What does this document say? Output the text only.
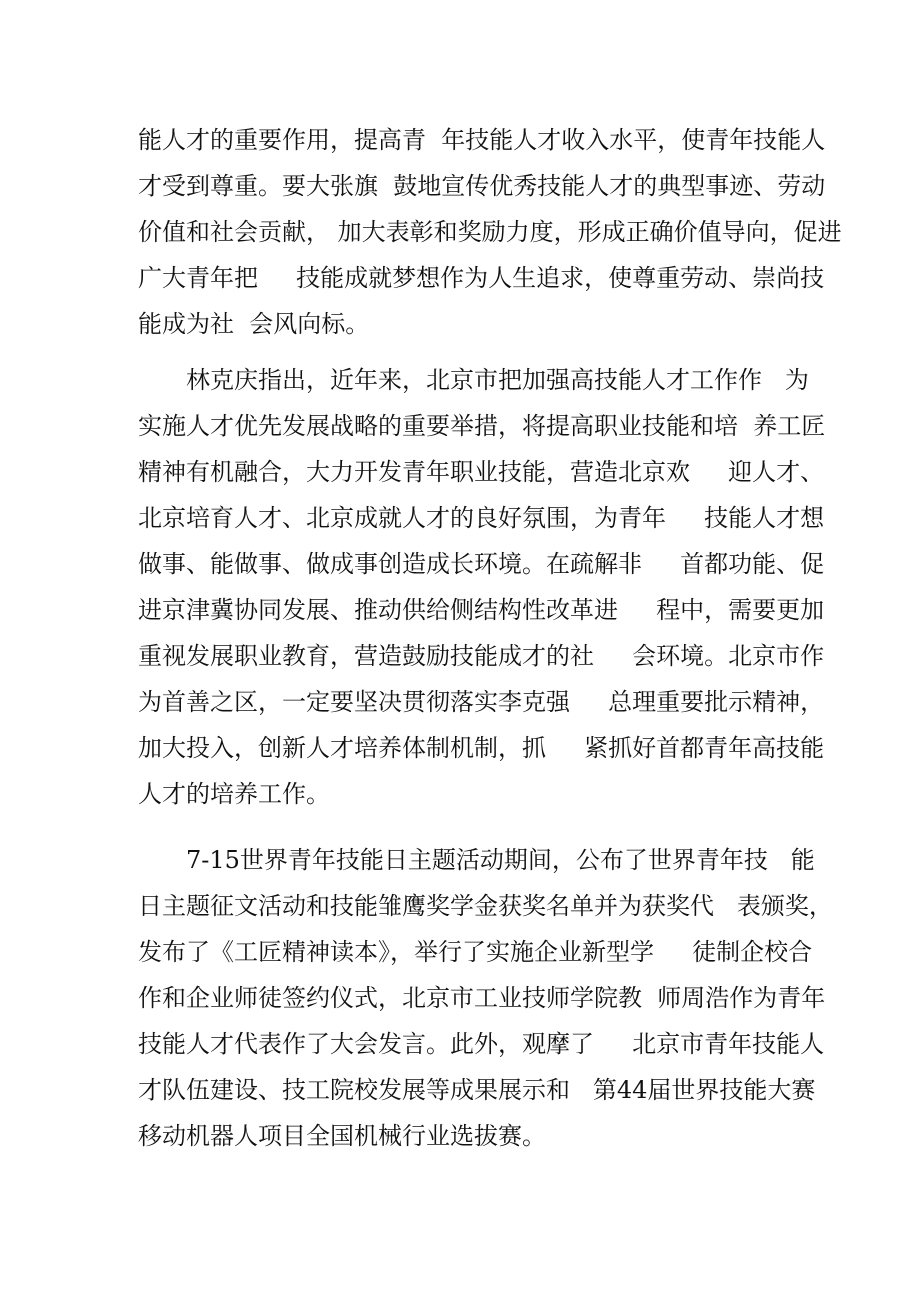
能人才的重要作用，提高青  年技能人才收入水平，使青年技能人
才受到尊重。要大张旗  鼓地宣传优秀技能人才的典型事迹、劳动
价值和社会贡献， 加大表彰和奖励力度，形成正确价值导向，促进
广大青年把     技能成就梦想作为人生追求，使尊重劳动、崇尚技
能成为社  会风向标。
林克庆指出，近年来，北京市把加强高技能人才工作作   为
实施人才优先发展战略的重要举措，将提高职业技能和培  养工匠
精神有机融合，大力开发青年职业技能，营造北京欢     迎人才、
北京培育人才、北京成就人才的良好氛围，为青年     技能人才想
做事、能做事、做成事创造成长环境。在疏解非     首都功能、促
进京津冀协同发展、推动供给侧结构性改革进     程中，需要更加
重视发展职业教育，营造鼓励技能成才的社     会环境。北京市作
为首善之区，一定要坚决贯彻落实李克强     总理重要批示精神，
加大投入，创新人才培养体制机制，抓     紧抓好首都青年高技能
人才的培养工作。
7-15世界青年技能日主题活动期间，公布了世界青年技   能
日主题征文活动和技能雏鹰奖学金获奖名单并为获奖代   表颁奖，
发布了《工匠精神读本》，举行了实施企业新型学     徒制企校合
作和企业师徒签约仪式，北京市工业技师学院教  师周浩作为青年
技能人才代表作了大会发言。此外，观摩了     北京市青年技能人
才队伍建设、技工院校发展等成果展示和   第44届世界技能大赛
移动机器人项目全国机械行业选拔赛。
